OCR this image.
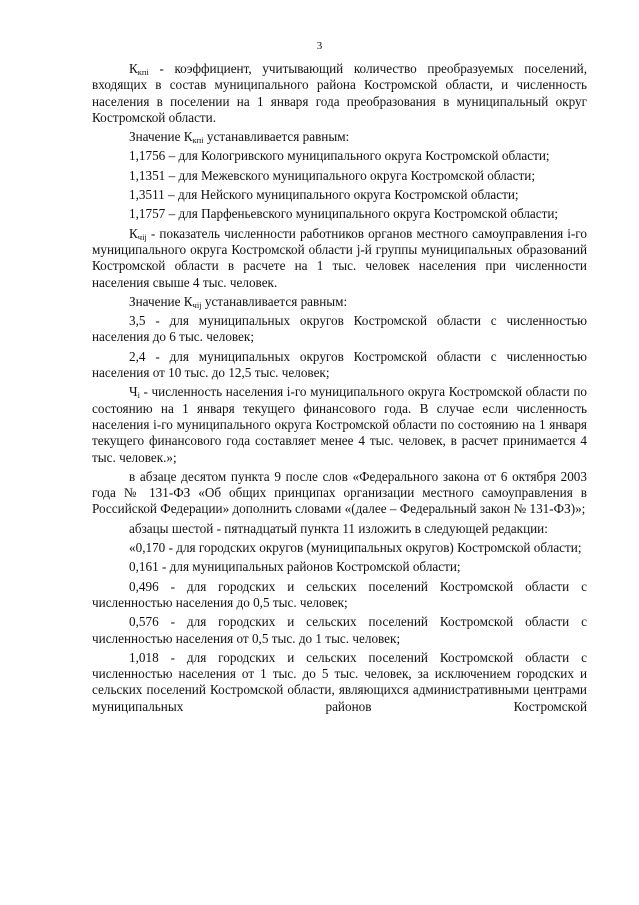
3

$К_{кпі}$ - коэффициент, учитывающий количество преобразуемых поселений, входящих в состав муниципального района Костромской области, и численность населения в поселении на 1 января года преобразования в муниципальный округ Костромской области.

Значение $К_{кпі}$ устанавливается равным:

1,1756 – для Кологривского муниципального округа Костромской области;

1,1351 – для Межевского муниципального округа Костромской области;

1,3511 – для Нейского муниципального округа Костромской области;

1,1757 – для Парфеньевского муниципального округа Костромской области;

$К_{чіј}$ - показатель численности работников органов местного самоуправления i-го муниципального округа Костромской области j-й группы муниципальных образований Костромской области в расчете на 1 тыс. человек населения при численности населения свыше 4 тыс. человек.

Значение $К_{чіј}$ устанавливается равным:

3,5 - для муниципальных округов Костромской области с численностью населения до 6 тыс. человек;

2,4 - для муниципальных округов Костромской области с численностью населения от 10 тыс. до 12,5 тыс. человек;

$Ч_і$ - численность населения i-го муниципального округа Костромской области по состоянию на 1 января текущего финансового года. В случае если численность населения i-го муниципального округа Костромской области по состоянию на 1 января текущего финансового года составляет менее 4 тыс. человек, в расчет принимается 4 тыс. человек.»;

в абзаце десятом пункта 9 после слов «Федерального закона от 6 октября 2003 года № 131-ФЗ «Об общих принципах организации местного самоуправления в Российской Федерации» дополнить словами «(далее – Федеральный закон № 131-ФЗ)»;

абзацы шестой - пятнадцатый пункта 11 изложить в следующей редакции:

«0,170 - для городских округов (муниципальных округов) Костромской области;

0,161 - для муниципальных районов Костромской области;

0,496 - для городских и сельских поселений Костромской области с численностью населения до 0,5 тыс. человек;

0,576 - для городских и сельских поселений Костромской области с численностью населения от 0,5 тыс. до 1 тыс. человек;

1,018 - для городских и сельских поселений Костромской области с численностью населения от 1 тыс. до 5 тыс. человек, за исключением городских и сельских поселений Костромской области, являющихся административными центрами муниципальных районов Костромской
